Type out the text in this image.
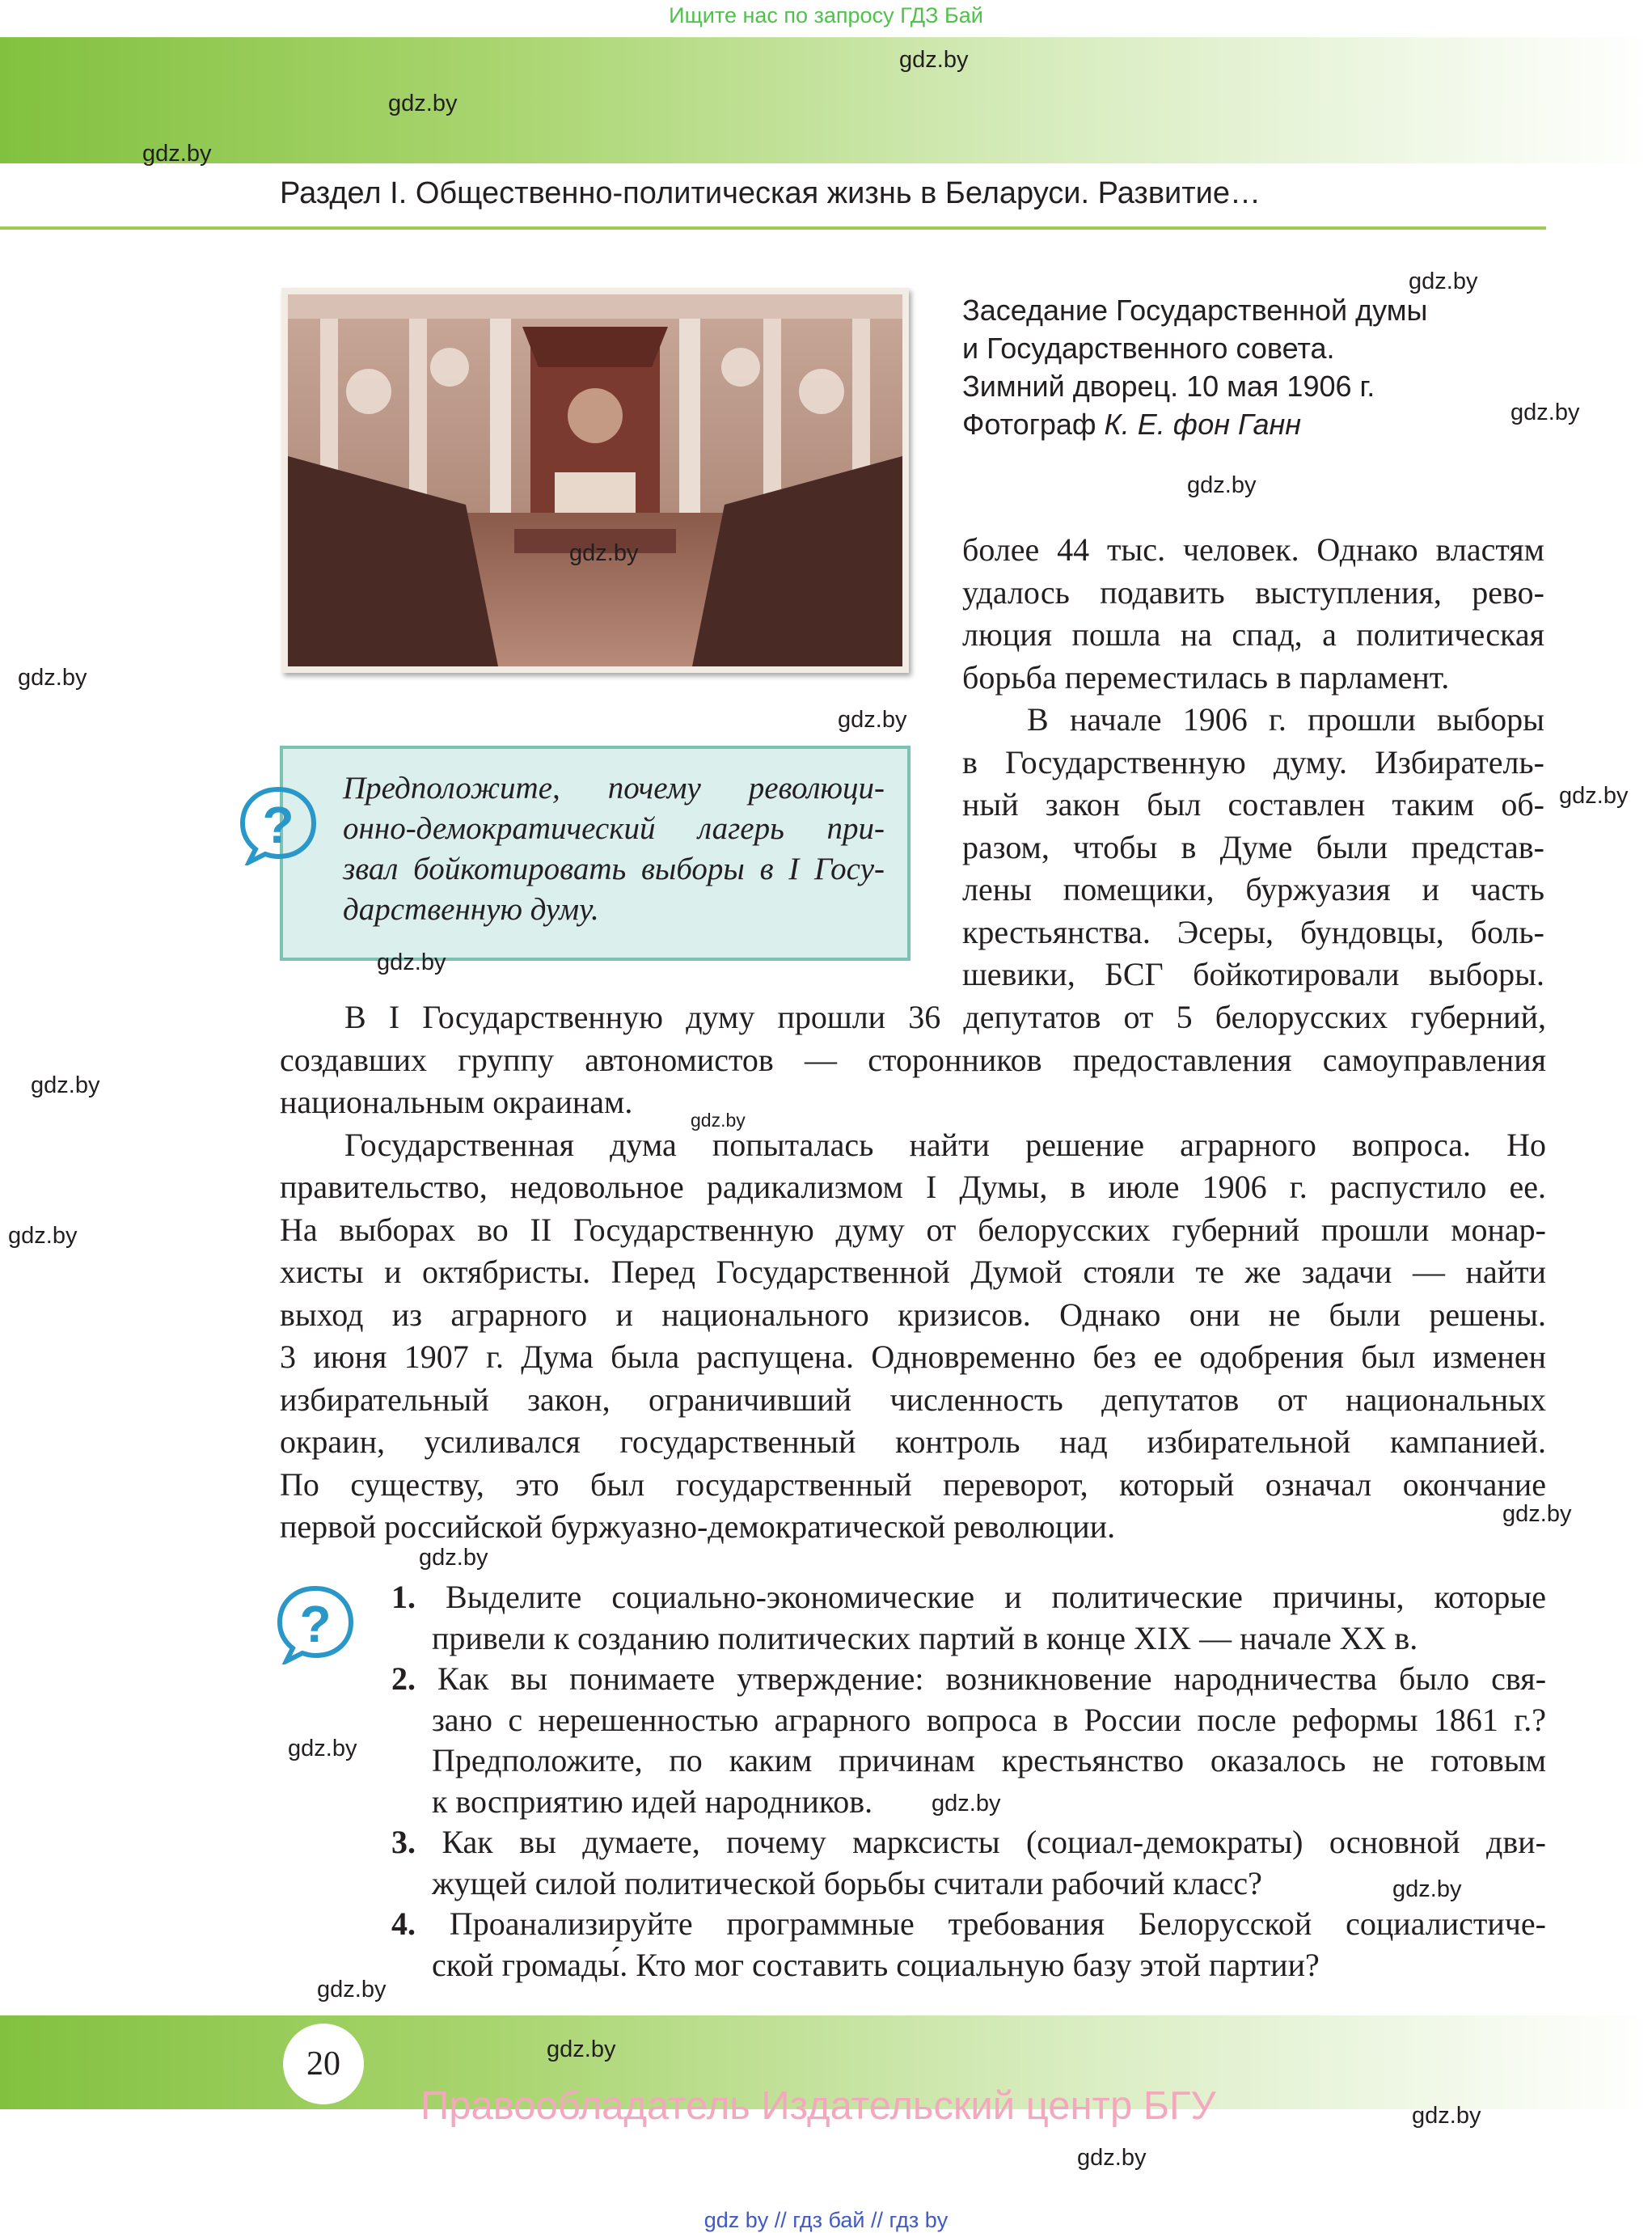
Ищите нас по запросу ГДЗ Бай
Раздел I. Общественно-политическая жизнь в Беларуси. Развитие…
Заседание Государственной думы
и Государственного совета.
Зимний дворец. 10 мая 1906 г.
Фотограф К. Е. фон Ганн
более 44 тыс. человек. Однако властям
удалось подавить выступления, рево-
люция пошла на спад, а политическая
борьба переместилась в парламент.
В начале 1906 г. прошли выборы
в Государственную думу. Избиратель-
ный закон был составлен таким об-
разом, чтобы в Думе были представ-
лены помещики, буржуазия и часть
крестьянства. Эсеры, бундовцы, боль-
шевики, БСГ бойкотировали выборы.
?
Предположите, почему революци-
онно-демократический лагерь при-
звал бойкотировать выборы в I Госу-
дарственную думу.
В I Государственную думу прошли 36 депутатов от 5 белорусских губерний,
создавших группу автономистов — сторонников предоставления самоуправления
национальным окраинам.
Государственная дума попыталась найти решение аграрного вопроса. Но
правительство, недовольное радикализмом I Думы, в июле 1906 г. распустило ее.
На выборах во II Государственную думу от белорусских губерний прошли монар-
хисты и октябристы. Перед Государственной Думой стояли те же задачи — найти
выход из аграрного и национального кризисов. Однако они не были решены.
3 июня 1907 г. Дума была распущена. Одновременно без ее одобрения был изменен
избирательный закон, ограничивший численность депутатов от национальных
окраин, усиливался государственный контроль над избирательной кампанией.
По существу, это был государственный переворот, который означал окончание
первой российской буржуазно-демократической революции.
? 1. Выделите социально-экономические и политические причины, которые
привели к созданию политических партий в конце XIX — начале XX в.
2. Как вы понимаете утверждение: возникновение народничества было свя-
зано с нерешенностью аграрного вопроса в России после реформы 1861 г.?
Предположите, по каким причинам крестьянство оказалось не готовым
к восприятию идей народников.
3. Как вы думаете, почему марксисты (социал-демократы) основной дви-
жущей силой политической борьбы считали рабочий класс?
4. Проанализируйте программные требования Белорусской социалистиче-
ской громады́. Кто мог составить социальную базу этой партии?
20
Правообладатель Издательский центр БГУ
gdz by // гдз бай // гдз by
gdz.by
gdz.by
gdz.by
gdz.by
gdz.by
gdz.by
gdz.by
gdz.by
gdz.by
gdz.by
gdz.by
gdz.by
gdz.by
gdz.by
gdz.by
gdz.by
gdz.by
gdz.by
gdz.by
gdz.by
gdz.by
gdz.by
gdz.by
